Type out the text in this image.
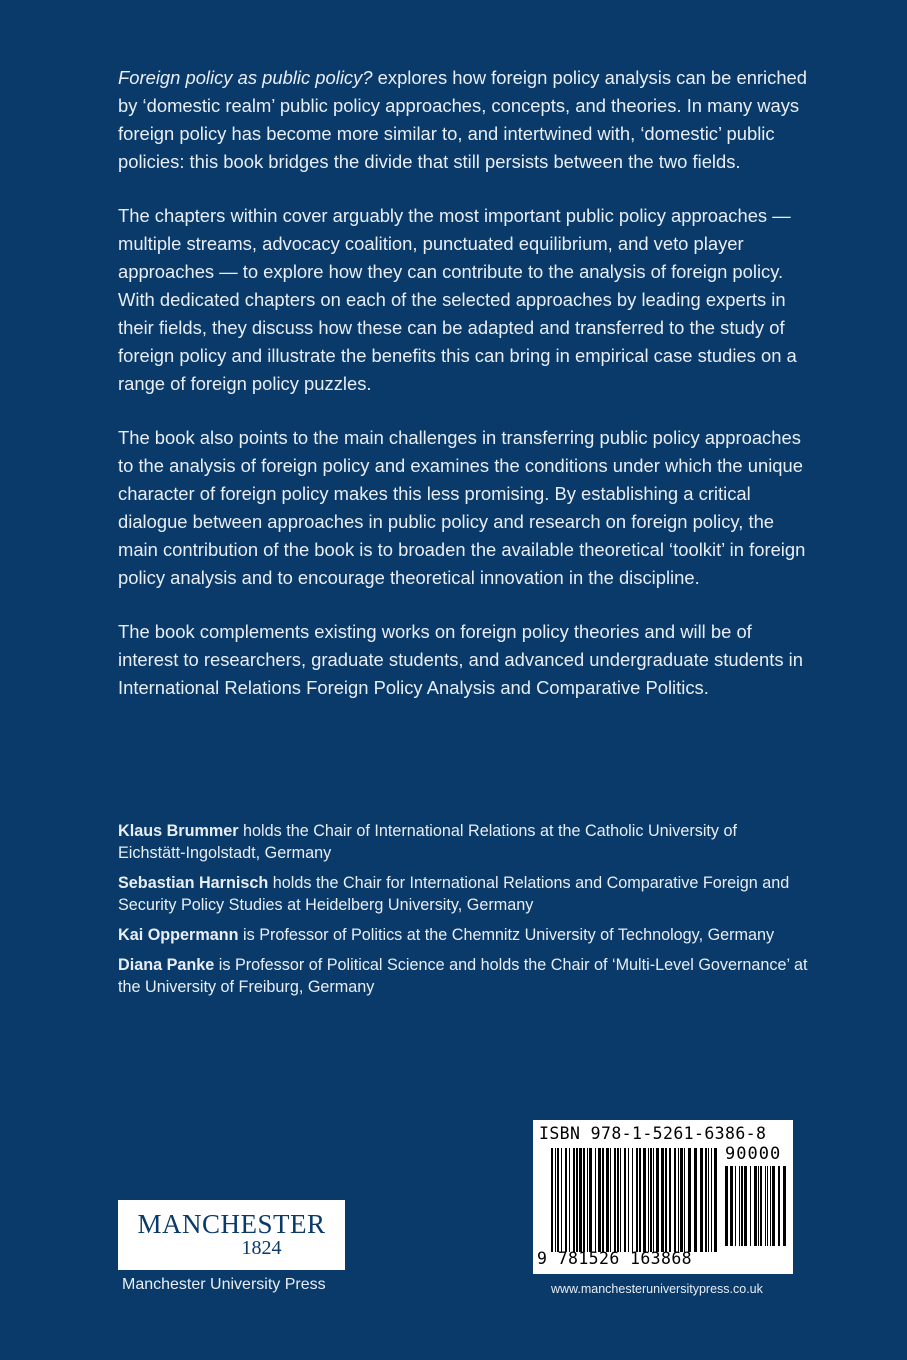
Foreign policy as public policy? explores how foreign policy analysis can be enriched by ‘domestic realm’ public policy approaches, concepts, and theories. In many ways foreign policy has become more similar to, and intertwined with, ‘domestic’ public policies: this book bridges the divide that still persists between the two fields.

The chapters within cover arguably the most important public policy approaches — multiple streams, advocacy coalition, punctuated equilibrium, and veto player approaches — to explore how they can contribute to the analysis of foreign policy. With dedicated chapters on each of the selected approaches by leading experts in their fields, they discuss how these can be adapted and transferred to the study of foreign policy and illustrate the benefits this can bring in empirical case studies on a range of foreign policy puzzles.

The book also points to the main challenges in transferring public policy approaches to the analysis of foreign policy and examines the conditions under which the unique character of foreign policy makes this less promising. By establishing a critical dialogue between approaches in public policy and research on foreign policy, the main contribution of the book is to broaden the available theoretical ‘toolkit’ in foreign policy analysis and to encourage theoretical innovation in the discipline.

The book complements existing works on foreign policy theories and will be of interest to researchers, graduate students, and advanced undergraduate students in International Relations Foreign Policy Analysis and Comparative Politics.

Klaus Brummer holds the Chair of International Relations at the Catholic University of Eichstätt-Ingolstadt, Germany

Sebastian Harnisch holds the Chair for International Relations and Comparative Foreign and Security Policy Studies at Heidelberg University, Germany

Kai Oppermann is Professor of Politics at the Chemnitz University of Technology, Germany

Diana Panke is Professor of Political Science and holds the Chair of ‘Multi-Level Governance’ at the University of Freiburg, Germany

MANCHESTER
1824
Manchester University Press
ISBN 978-1-5261-6386-8
90000
9 781526 163868
www.manchesteruniversitypress.co.uk
